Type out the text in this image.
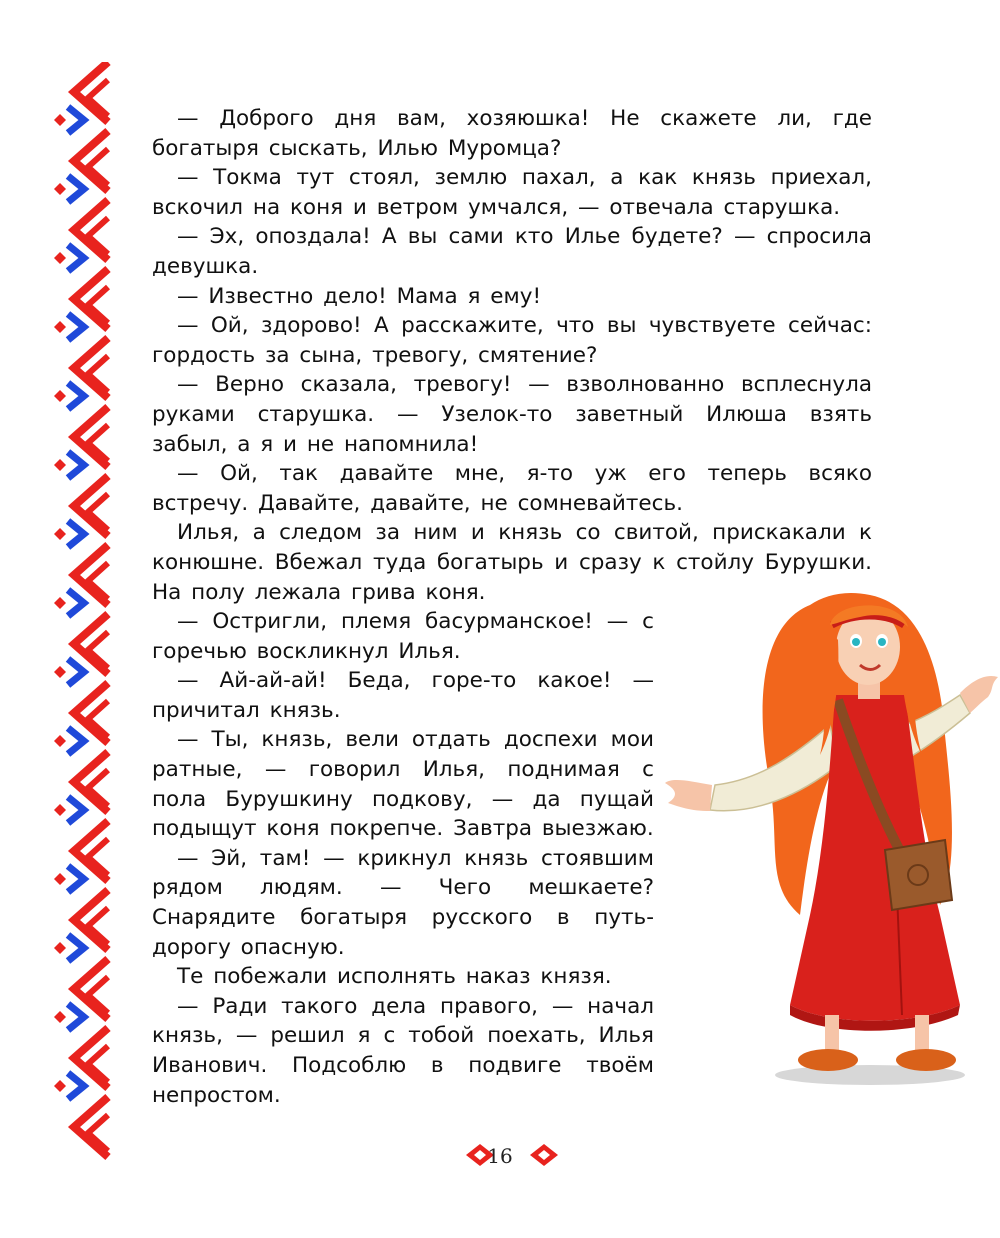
— Доброго дня вам, хозяюшка! Не скажете ли, где богатыря сыскать, Илью Муромца?

— Токма тут стоял, землю пахал, а как князь приехал, вскочил на коня и ветром умчался, — отвечала старушка.

— Эх, опоздала! А вы сами кто Илье будете? — спросила девушка.

— Известно дело! Мама я ему!

— Ой, здорово! А расскажите, что вы чувствуете сейчас: гордость за сына, тревогу, смятение?

— Верно сказала, тревогу! — взволнованно всплеснула руками старушка. — Узелок-то заветный Илюша взять забыл, а я и не напомнила!

— Ой, так давайте мне, я-то уж его теперь всяко встречу. Давайте, давайте, не сомневайтесь.

Илья, а следом за ним и князь со свитой, прискакали к конюшне. Вбежал туда богатырь и сразу к стойлу Бурушки. На полу лежала грива коня.

— Остригли, племя басурманское! — с горечью воскликнул Илья.

— Ай-ай-ай! Беда, горе-то какое! — причитал князь.

— Ты, князь, вели отдать доспехи мои ратные, — говорил Илья, поднимая с пола Бурушкину подкову, — да пущай подыщут коня покрепче. Завтра выезжаю.

— Эй, там! — крикнул князь стоявшим рядом людям. — Чего мешкаете? Снарядите богатыря русского в путь-дорогу опасную.

Те побежали исполнять наказ князя.

— Ради такого дела правого, — начал князь, — решил я с тобой поехать, Илья Иванович. Подсоблю в подвиге твоём непростом.

16
